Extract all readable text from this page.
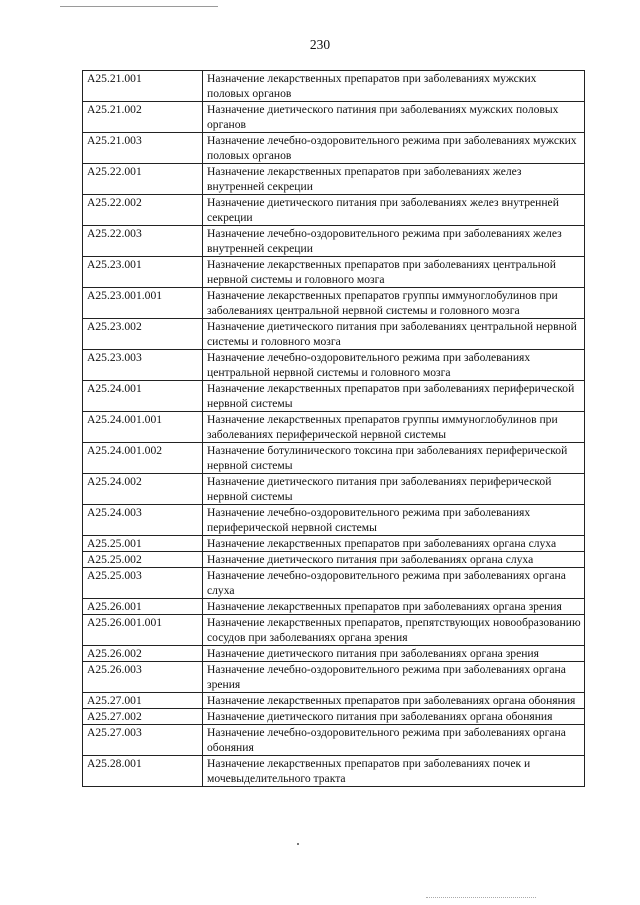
230
A25.21.001	Назначение лекарственных препаратов при заболеваниях мужских половых органов
A25.21.002	Назначение диетического патиния при заболеваниях мужских половых органов
A25.21.003	Назначение лечебно-оздоровительного режима при заболеваниях мужских половых органов
A25.22.001	Назначение лекарственных препаратов при заболеваниях желез внутренней секреции
A25.22.002	Назначение диетического питания при заболеваниях желез внутренней секреции
A25.22.003	Назначение лечебно-оздоровительного режима при заболеваниях желез внутренней секреции
A25.23.001	Назначение лекарственных препаратов при заболеваниях центральной нервной системы и головного мозга
A25.23.001.001	Назначение лекарственных препаратов группы иммуноглобулинов при заболеваниях центральной нервной системы и головного мозга
A25.23.002	Назначение диетического питания при заболеваниях центральной нервной системы и головного мозга
A25.23.003	Назначение лечебно-оздоровительного режима при заболеваниях центральной нервной системы и головного мозга
A25.24.001	Назначение лекарственных препаратов при заболеваниях периферической нервной системы
A25.24.001.001	Назначение лекарственных препаратов группы иммуноглобулинов при заболеваниях периферической нервной системы
A25.24.001.002	Назначение ботулинического токсина при заболеваниях периферической нервной системы
A25.24.002	Назначение диетического питания при заболеваниях периферической нервной системы
A25.24.003	Назначение лечебно-оздоровительного режима при заболеваниях периферической нервной системы
A25.25.001	Назначение лекарственных препаратов при заболеваниях органа слуха
A25.25.002	Назначение диетического питания при заболеваниях органа слуха
A25.25.003	Назначение лечебно-оздоровительного режима при заболеваниях органа слуха
A25.26.001	Назначение лекарственных препаратов при заболеваниях органа зрения
A25.26.001.001	Назначение лекарственных препаратов, препятствующих новообразованию сосудов при заболеваниях органа зрения
A25.26.002	Назначение диетического питания при заболеваниях органа зрения
A25.26.003	Назначение лечебно-оздоровительного режима при заболеваниях органа зрения
A25.27.001	Назначение лекарственных препаратов при заболеваниях органа обоняния
A25.27.002	Назначение диетического питания при заболеваниях органа обоняния
A25.27.003	Назначение лечебно-оздоровительного режима при заболеваниях органа обоняния
A25.28.001	Назначение лекарственных препаратов при заболеваниях почек и мочевыделительного тракта
